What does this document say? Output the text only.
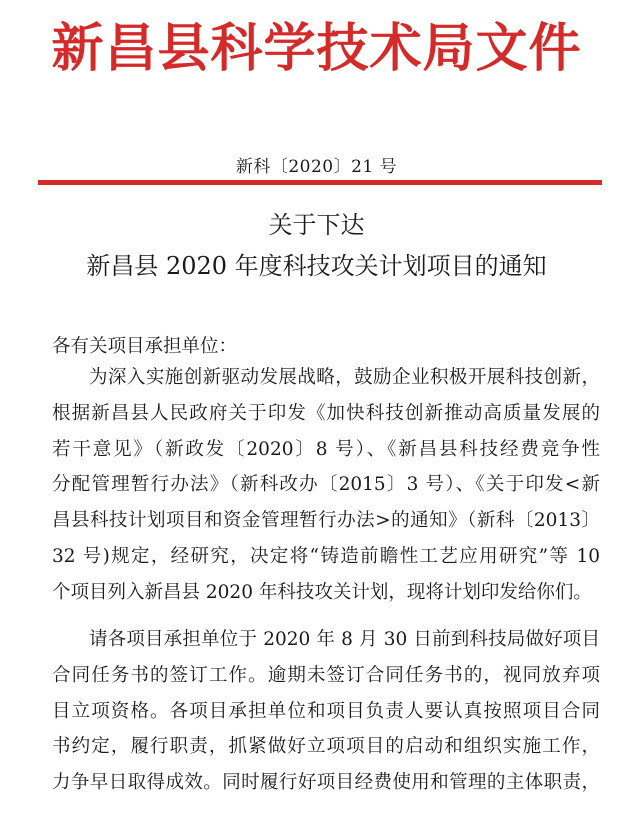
新昌县科学技术局文件
新科〔2020〕21 号
关于下达
新昌县 2020 年度科技攻关计划项目的通知
各有关项目承担单位：
为深入实施创新驱动发展战略，鼓励企业积极开展科技创新，
根据新昌县人民政府关于印发《加快科技创新推动高质量发展的
若干意见》（新政发〔2020〕8 号）、《新昌县科技经费竞争性
分配管理暂行办法》（新科改办〔2015〕3 号）、《关于印发<新
昌县科技计划项目和资金管理暂行办法>的通知》（新科〔2013〕
32 号)规定，经研究，决定将“铸造前瞻性工艺应用研究”等 10
个项目列入新昌县 2020 年科技攻关计划，现将计划印发给你们。
请各项目承担单位于 2020 年 8 月 30 日前到科技局做好项目
合同任务书的签订工作。逾期未签订合同任务书的，视同放弃项
目立项资格。各项目承担单位和项目负责人要认真按照项目合同
书约定，履行职责，抓紧做好立项项目的启动和组织实施工作，
力争早日取得成效。同时履行好项目经费使用和管理的主体职责，
